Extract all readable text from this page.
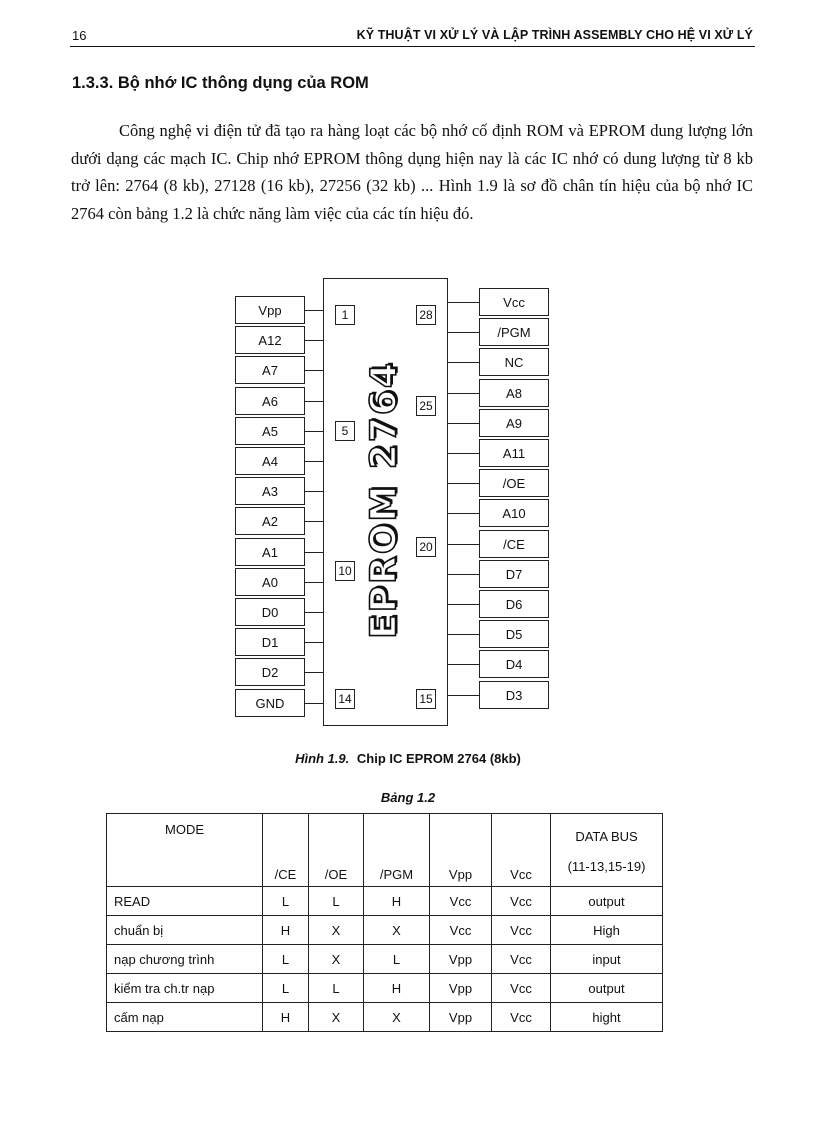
16	KỸ THUẬT VI XỬ LÝ VÀ LẬP TRÌNH ASSEMBLY CHO HỆ VI XỬ LÝ
1.3.3. Bộ nhớ IC thông dụng của ROM

Công nghệ vi điện tử đã tạo ra hàng loạt các bộ nhớ cố định ROM và EPROM dung lượng lớn dưới dạng các mạch IC. Chip nhớ EPROM thông dụng hiện nay là các IC nhớ có dung lượng từ 8 kb trở lên: 2764 (8 kb), 27128 (16 kb), 27256 (32 kb) ... Hình 1.9 là sơ đồ chân tín hiệu của bộ nhớ IC 2764 còn bảng 1.2 là chức năng làm việc của các tín hiệu đó.

EPROM 2764
Vpp
A12
A7
A6
A5
A4
A3
A2
A1
A0
D0
D1
D2
GND
Vcc
/PGM
NC
A8
A9
A11
/OE
A10
/CE
D7
D6
D5
D4
D3
1
5
10
14
28
25
20
15
Hình 1.9. Chip IC EPROM 2764 (8kb)
Bảng 1.2
MODE	/CE	/OE	/PGM	Vpp	Vcc	DATA BUS
(11-13,15-19)

READ	L	L	H	Vcc	Vcc	output
chuẩn bị	H	X	X	Vcc	Vcc	High
nạp chương trình	L	X	L	Vpp	Vcc	input
kiểm tra ch.tr nạp	L	L	H	Vpp	Vcc	output
cấm nạp	H	X	X	Vpp	Vcc	hight
